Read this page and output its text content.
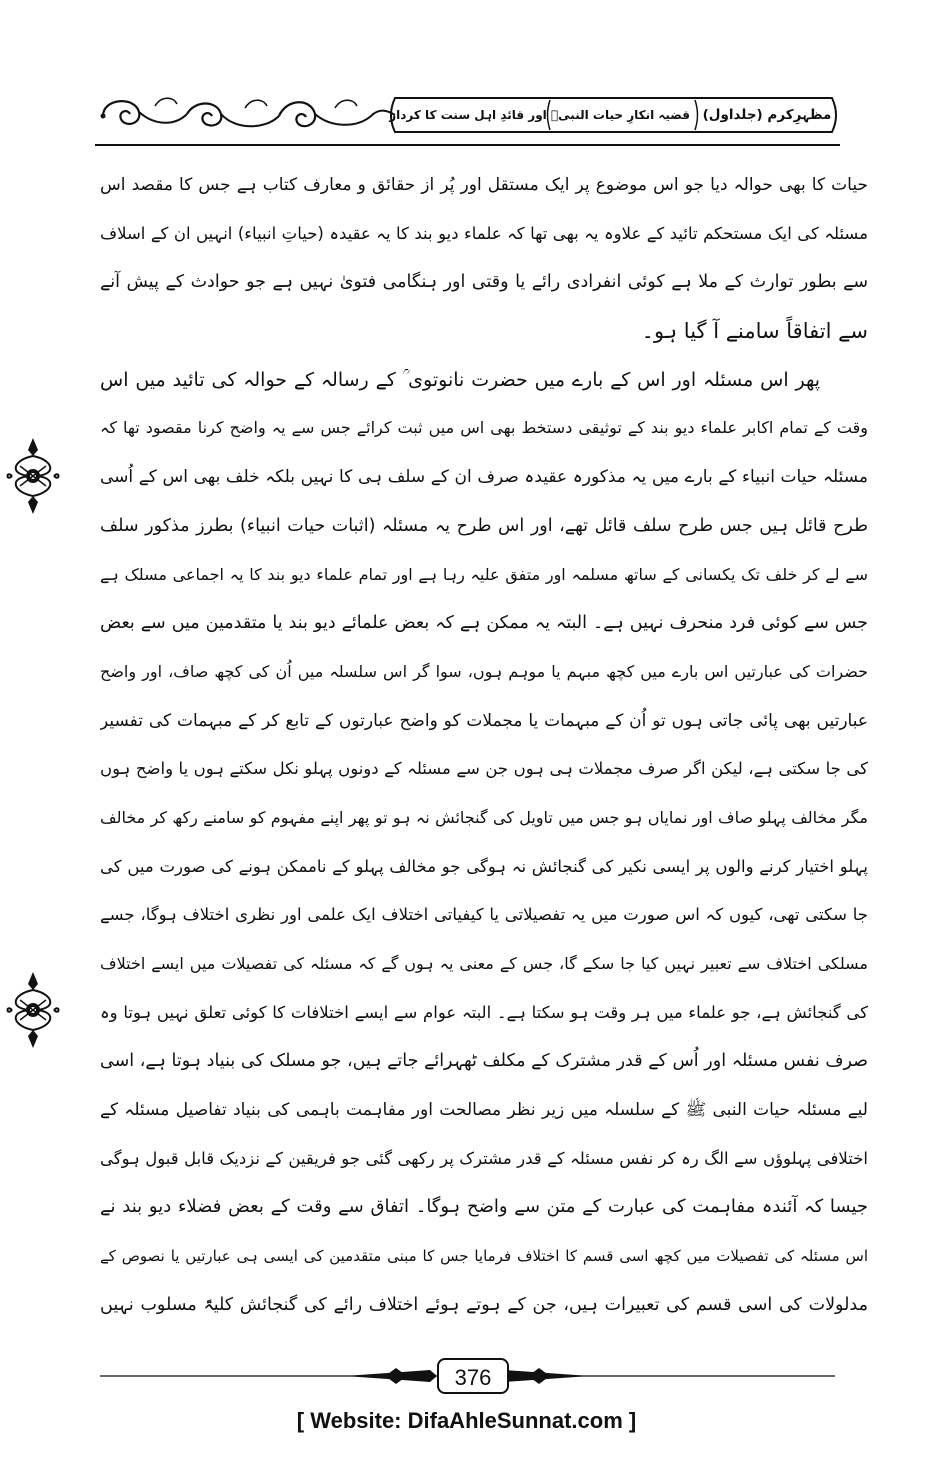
مظہرِکرم (جلداول)
قضیہ انکارِ حیات النبیؐ اور قائدِ اہل سنت کا کردار
حیات کا بھی حوالہ دیا جو اس موضوع پر ایک مستقل اور پُر از حقائق و معارف کتاب ہے جس کا مقصد اس
مسئلہ کی ایک مستحکم تائید کے علاوہ یہ بھی تھا کہ علماء دیو بند کا یہ عقیدہ (حیاتِ انبیاء) انہیں ان کے اسلاف
سے بطور توارث کے ملا ہے کوئی انفرادی رائے یا وقتی اور ہنگامی فتویٰ نہیں ہے جو حوادث کے پیش آنے
سے اتفاقاً سامنے آ گیا ہو۔
پھر اس مسئلہ اور اس کے بارے میں حضرت نانوتوی ؒ کے رسالہ کے حوالہ کی تائید میں اس
وقت کے تمام اکابر علماء دیو بند کے توثیقی دستخط بھی اس میں ثبت کرائے جس سے یہ واضح کرنا مقصود تھا کہ
مسئلہ حیات انبیاء کے بارے میں یہ مذکورہ عقیدہ صرف ان کے سلف ہی کا نہیں بلکہ خلف بھی اس کے اُسی
طرح قائل ہیں جس طرح سلف قائل تھے، اور اس طرح یہ مسئلہ (اثبات حیات انبیاء) بطرز مذکور سلف
سے لے کر خلف تک یکسانی کے ساتھ مسلمہ اور متفق علیہ رہا ہے اور تمام علماء دیو بند کا یہ اجماعی مسلک ہے
جس سے کوئی فرد منحرف نہیں ہے۔ البتہ یہ ممکن ہے کہ بعض علمائے دیو بند یا متقدمین میں سے بعض
حضرات کی عبارتیں اس بارے میں کچھ مبہم یا موہم ہوں، سوا گر اس سلسلہ میں اُن کی کچھ صاف، اور واضح
عبارتیں بھی پائی جاتی ہوں تو اُن کے مبہمات یا مجملات کو واضح عبارتوں کے تابع کر کے مبہمات کی تفسیر
کی جا سکتی ہے، لیکن اگر صرف مجملات ہی ہوں جن سے مسئلہ کے دونوں پہلو نکل سکتے ہوں یا واضح ہوں
مگر مخالف پہلو صاف اور نمایاں ہو جس میں تاویل کی گنجائش نہ ہو تو پھر اپنے مفہوم کو سامنے رکھ کر مخالف
پہلو اختیار کرنے والوں پر ایسی نکیر کی گنجائش نہ ہوگی جو مخالف پہلو کے ناممکن ہونے کی صورت میں کی
جا سکتی تھی، کیوں کہ اس صورت میں یہ تفصیلاتی یا کیفیاتی اختلاف ایک علمی اور نظری اختلاف ہوگا، جسے
مسلکی اختلاف سے تعبیر نہیں کیا جا سکے گا، جس کے معنی یہ ہوں گے کہ مسئلہ کی تفصیلات میں ایسے اختلاف
کی گنجائش ہے، جو علماء میں ہر وقت ہو سکتا ہے۔ البتہ عوام سے ایسے اختلافات کا کوئی تعلق نہیں ہوتا وہ
صرف نفس مسئلہ اور اُس کے قدر مشترک کے مکلف ٹھہرائے جاتے ہیں، جو مسلک کی بنیاد ہوتا ہے، اسی
لیے مسئلہ حیات النبی ﷺ کے سلسلہ میں زیر نظر مصالحت اور مفاہمت باہمی کی بنیاد تفاصیل مسئلہ کے
اختلافی پہلوؤں سے الگ رہ کر نفس مسئلہ کے قدر مشترک پر رکھی گئی جو فریقین کے نزدیک قابل قبول ہوگی
جیسا کہ آئندہ مفاہمت کی عبارت کے متن سے واضح ہوگا۔ اتفاق سے وقت کے بعض فضلاء دیو بند نے
اس مسئلہ کی تفصیلات میں کچھ اسی قسم کا اختلاف فرمایا جس کا مبنی متقدمین کی ایسی ہی عبارتیں یا نصوص کے
مدلولات کی اسی قسم کی تعبیرات ہیں، جن کے ہوتے ہوئے اختلاف رائے کی گنجائش کلیۃً مسلوب نہیں
376
[ Website: DifaAhleSunnat.com ]
